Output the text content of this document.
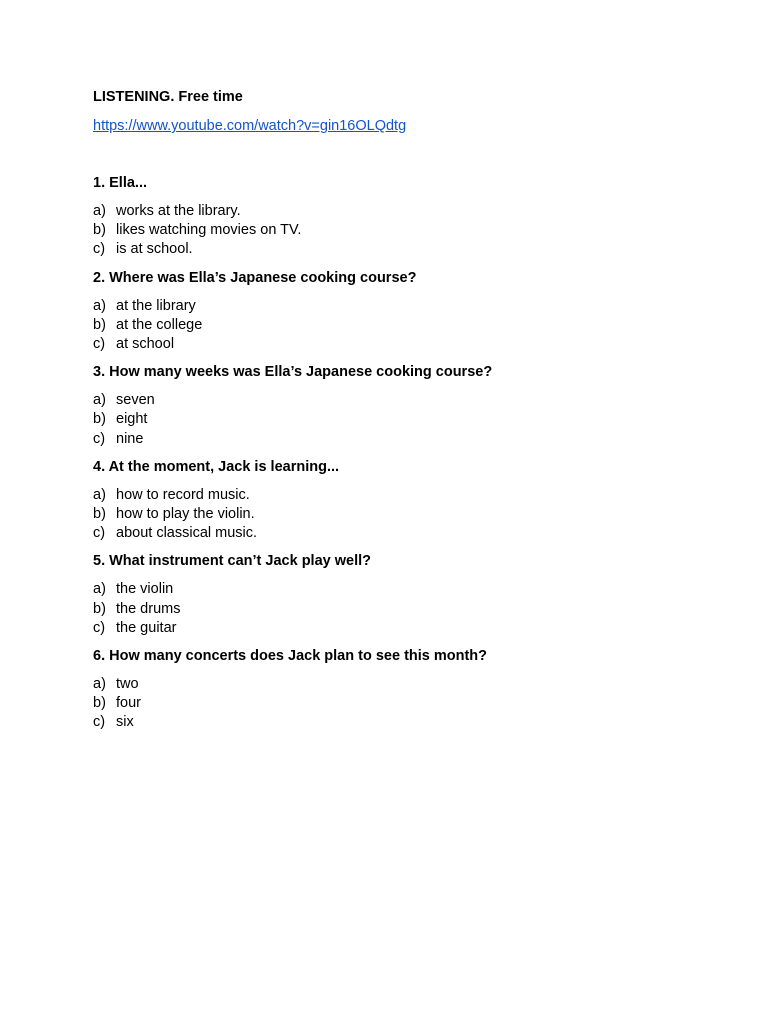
LISTENING. Free time

https://www.youtube.com/watch?v=gin16OLQdtg

1. Ella...

a) works at the library.
b) likes watching movies on TV.
c) is at school.

2. Where was Ella’s Japanese cooking course?

a) at the library
b) at the college
c) at school

3. How many weeks was Ella’s Japanese cooking course?

a) seven
b) eight
c) nine

4. At the moment, Jack is learning...

a) how to record music.
b) how to play the violin.
c) about classical music.

5. What instrument can’t Jack play well?

a) the violin
b) the drums
c) the guitar

6. How many concerts does Jack plan to see this month?

a) two
b) four
c) six
